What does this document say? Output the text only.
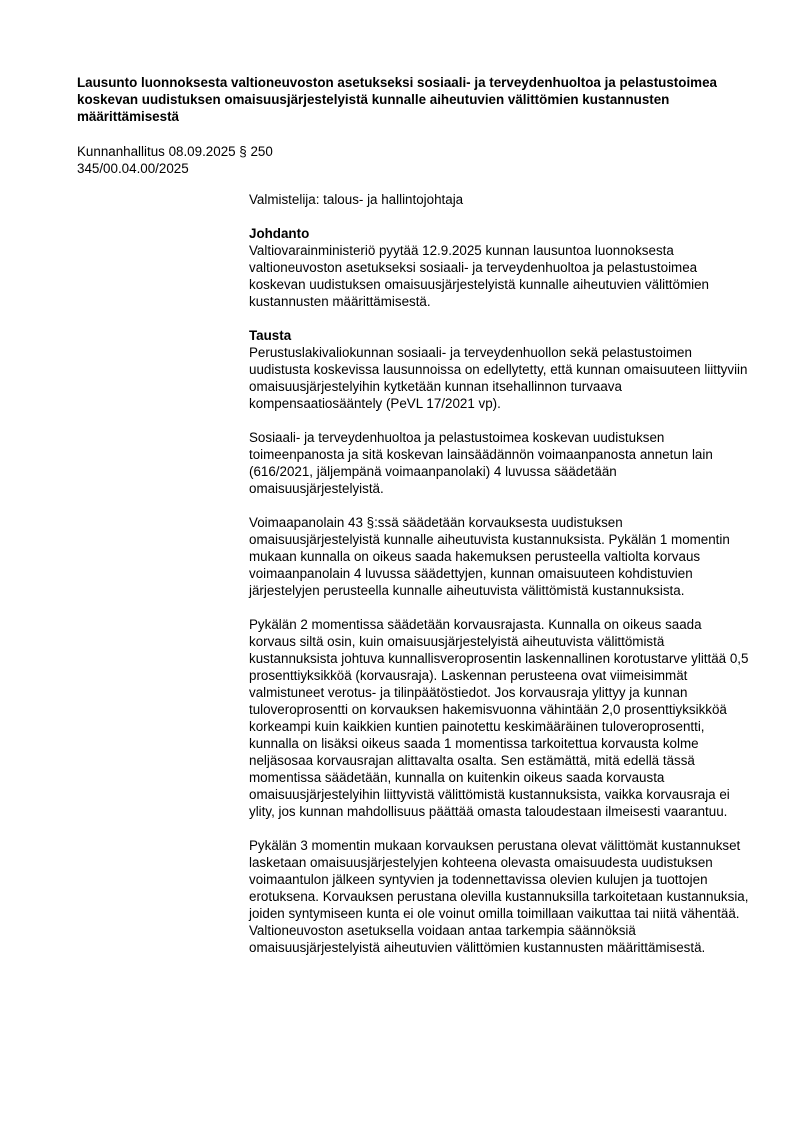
Lausunto luonnoksesta valtioneuvoston asetukseksi sosiaali- ja terveydenhuoltoa ja pelastustoimea koskevan uudistuksen omaisuusjärjestelyistä kunnalle aiheutuvien välittömien kustannusten määrittämisestä
Kunnanhallitus 08.09.2025 § 250
345/00.04.00/2025

Valmistelija: talous- ja hallintojohtaja

Johdanto

Valtiovarainministeriö pyytää 12.9.2025 kunnan lausuntoa luonnoksesta valtioneuvoston asetukseksi sosiaali- ja terveydenhuoltoa ja pelastustoimea koskevan uudistuksen omaisuusjärjestelyistä kunnalle aiheutuvien välittömien kustannusten määrittämisestä.

Tausta

Perustuslakivaliokunnan sosiaali- ja terveydenhuollon sekä pelastustoimen uudistusta koskevissa lausunnoissa on edellytetty, että kunnan omaisuuteen liittyviin omaisuusjärjestelyihin kytketään kunnan itsehallinnon turvaava kompensaatiosääntely (PeVL 17/2021 vp).

Sosiaali- ja terveydenhuoltoa ja pelastustoimea koskevan uudistuksen toimeenpanosta ja sitä koskevan lainsäädännön voimaanpanosta annetun lain (616/2021, jäljempänä voimaanpanolaki) 4 luvussa säädetään omaisuusjärjestelyistä.

Voimaapanolain 43 §:ssä säädetään korvauksesta uudistuksen omaisuusjärjestelyistä kunnalle aiheutuvista kustannuksista. Pykälän 1 momentin mukaan kunnalla on oikeus saada hakemuksen perusteella valtiolta korvaus voimaanpanolain 4 luvussa säädettyjen, kunnan omaisuuteen kohdistuvien järjestelyjen perusteella kunnalle aiheutuvista välittömistä kustannuksista.

Pykälän 2 momentissa säädetään korvausrajasta. Kunnalla on oikeus saada korvaus siltä osin, kuin omaisuusjärjestelyistä aiheutuvista välittömistä kustannuksista johtuva kunnallisveroprosentin laskennallinen korotustarve ylittää 0,5 prosenttiyksikköä (korvausraja). Laskennan perusteena ovat viimeisimmät valmistuneet verotus- ja tilinpäätöstiedot. Jos korvausraja ylittyy ja kunnan tuloveroprosentti on korvauksen hakemisvuonna vähintään 2,0 prosenttiyksikköä korkeampi kuin kaikkien kuntien painotettu keskimääräinen tuloveroprosentti, kunnalla on lisäksi oikeus saada 1 momentissa tarkoitettua korvausta kolme neljäsosaa korvausrajan alittavalta osalta. Sen estämättä, mitä edellä tässä momentissa säädetään, kunnalla on kuitenkin oikeus saada korvausta omaisuusjärjestelyihin liittyvistä välittömistä kustannuksista, vaikka korvausraja ei ylity, jos kunnan mahdollisuus päättää omasta taloudestaan ilmeisesti vaarantuu.

Pykälän 3 momentin mukaan korvauksen perustana olevat välittömät kustannukset lasketaan omaisuusjärjestelyjen kohteena olevasta omaisuudesta uudistuksen voimaantulon jälkeen syntyvien ja todennettavissa olevien kulujen ja tuottojen erotuksena. Korvauksen perustana olevilla kustannuksilla tarkoitetaan kustannuksia, joiden syntymiseen kunta ei ole voinut omilla toimillaan vaikuttaa tai niitä vähentää. Valtioneuvoston asetuksella voidaan antaa tarkempia säännöksiä omaisuusjärjestelyistä aiheutuvien välittömien kustannusten määrittämisestä.
